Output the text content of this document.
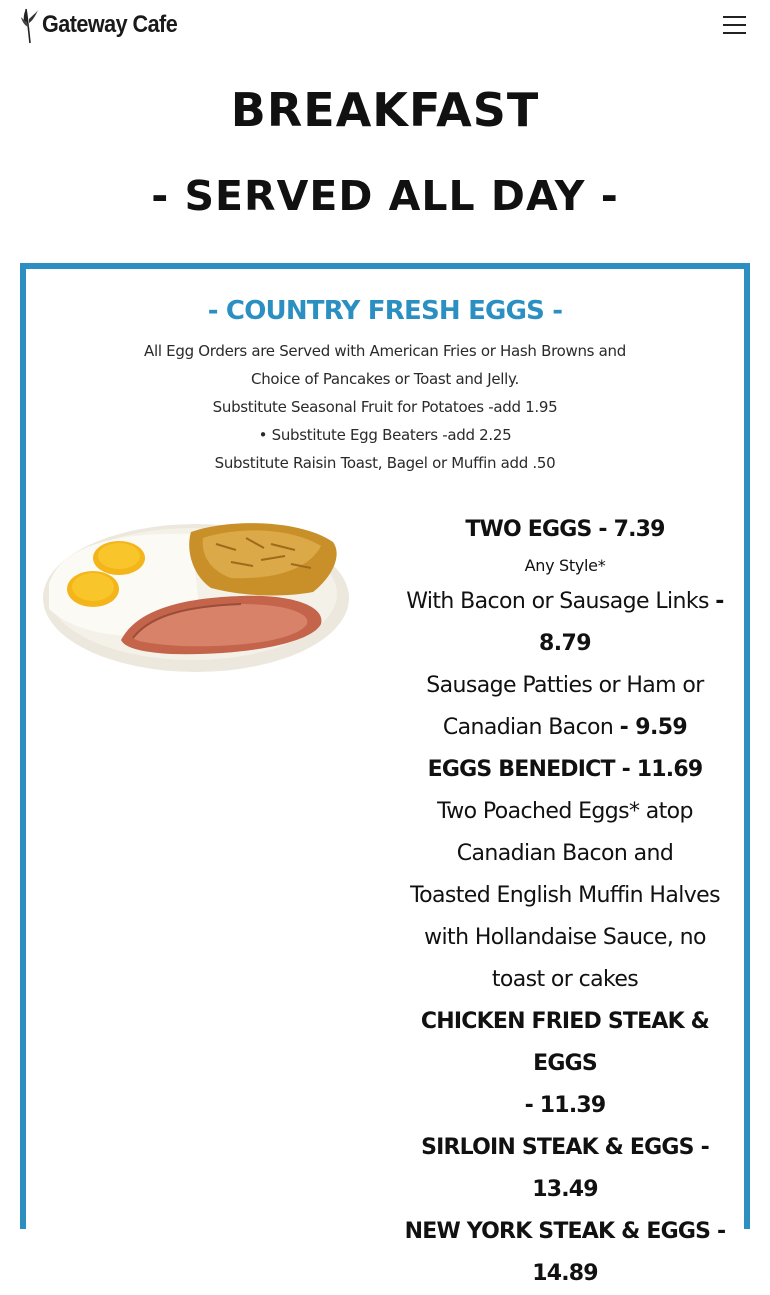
Gateway Cafe
BREAKFAST
- SERVED ALL DAY -
- COUNTRY FRESH EGGS -
All Egg Orders are Served with American Fries or Hash Browns and
Choice of Pancakes or Toast and Jelly.
Substitute Seasonal Fruit for Potatoes -add 1.95
• Substitute Egg Beaters -add 2.25
Substitute Raisin Toast, Bagel or Muffin add .50
TWO EGGS - 7.39
Any Style*
With Bacon or Sausage Links -
8.79
Sausage Patties or Ham or
Canadian Bacon - 9.59
EGGS BENEDICT - 11.69
Two Poached Eggs* atop
Canadian Bacon and
Toasted English Muffin Halves
with Hollandaise Sauce, no
toast or cakes
CHICKEN FRIED STEAK & EGGS
- 11.39
SIRLOIN STEAK & EGGS - 13.49
NEW YORK STEAK & EGGS -
14.89
